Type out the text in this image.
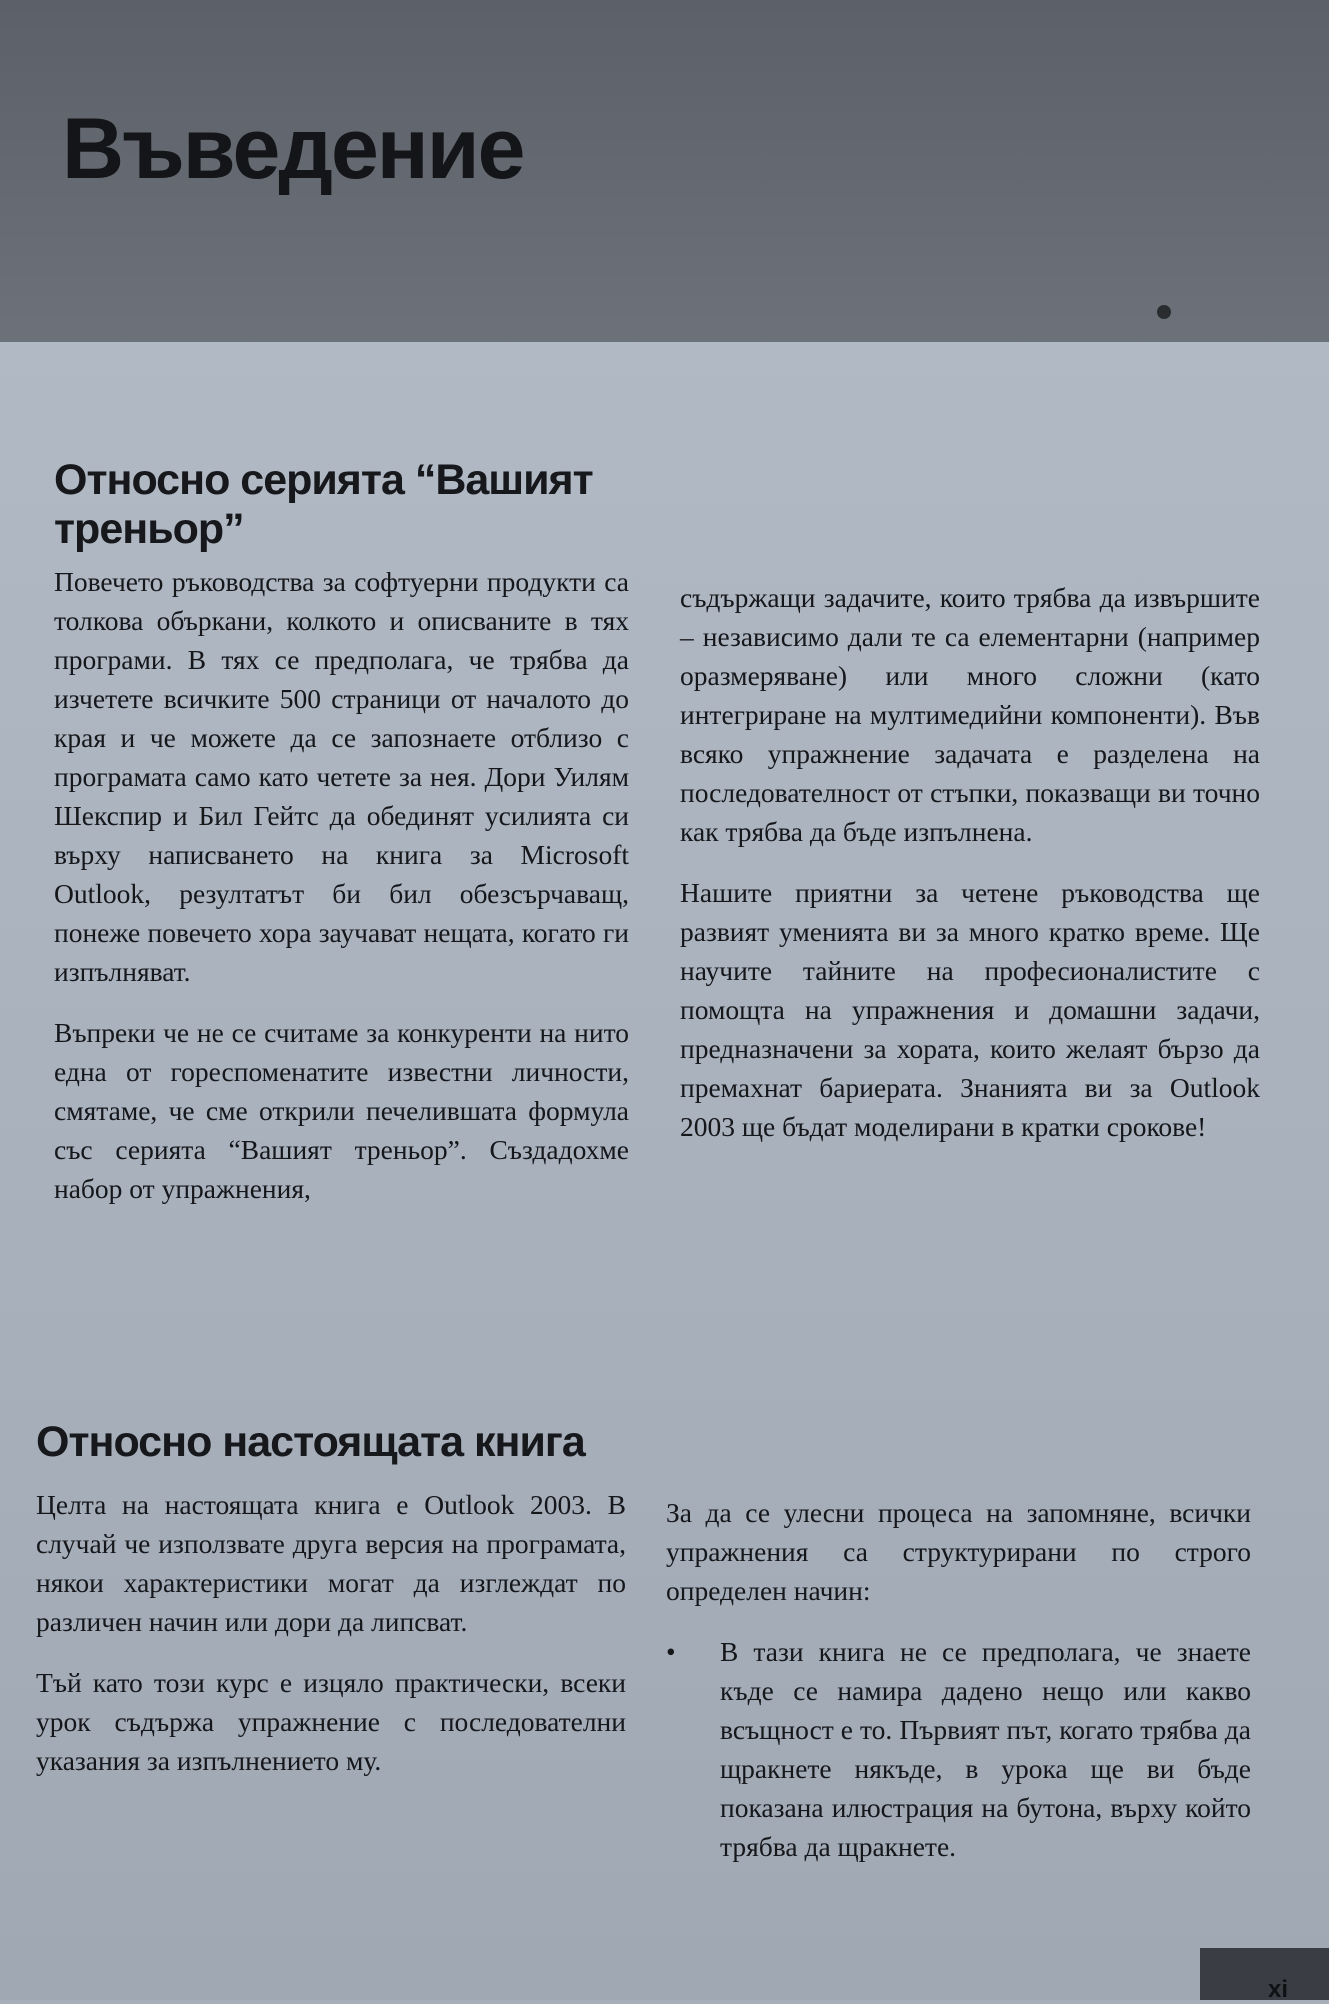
Въведение
Относно серията “Вашият треньор”

Повечето ръководства за софтуерни продукти са толкова объркани, колкото и описваните в тях програми. В тях се предполага, че трябва да изчетете всичките 500 страници от началото до края и че можете да се запознаете отблизо с програмата само като четете за нея. Дори Уилям Шекспир и Бил Гейтс да обединят усилията си върху написването на книга за Microsoft Outlook, резултатът би бил обезсърчаващ, понеже повечето хора заучават нещата, когато ги изпълняват.

Въпреки че не се считаме за конкуренти на нито една от гореспоменатите известни личности, смятаме, че сме открили печелившата формула със серията “Вашият треньор”. Създадохме набор от упражнения,

съдържащи задачите, които трябва да извършите – независимо дали те са елементарни (например оразмеряване) или много сложни (като интегриране на мултимедийни компоненти). Във всяко упражнение задачата е разделена на последователност от стъпки, показващи ви точно как трябва да бъде изпълнена.

Нашите приятни за четене ръководства ще развият уменията ви за много кратко време. Ще научите тайните на професионалистите с помощта на упражнения и домашни задачи, предназначени за хората, които желаят бързо да премахнат бариерата. Знанията ви за Outlook 2003 ще бъдат моделирани в кратки срокове!

Относно настоящата книга

Целта на настоящата книга е Outlook 2003. В случай че използвате друга версия на програмата, някои характеристики могат да изглеждат по различен начин или дори да липсват.

Тъй като този курс е изцяло практически, всеки урок съдържа упражнение с последователни указания за изпълнението му.

За да се улесни процеса на запомняне, всички упражнения са структурирани по строго определен начин:

• В тази книга не се предполага, че знаете къде се намира дадено нещо или какво всъщност е то. Първият път, когато трябва да щракнете някъде, в урока ще ви бъде показана илюстрация на бутона, върху който трябва да щракнете.

xi
